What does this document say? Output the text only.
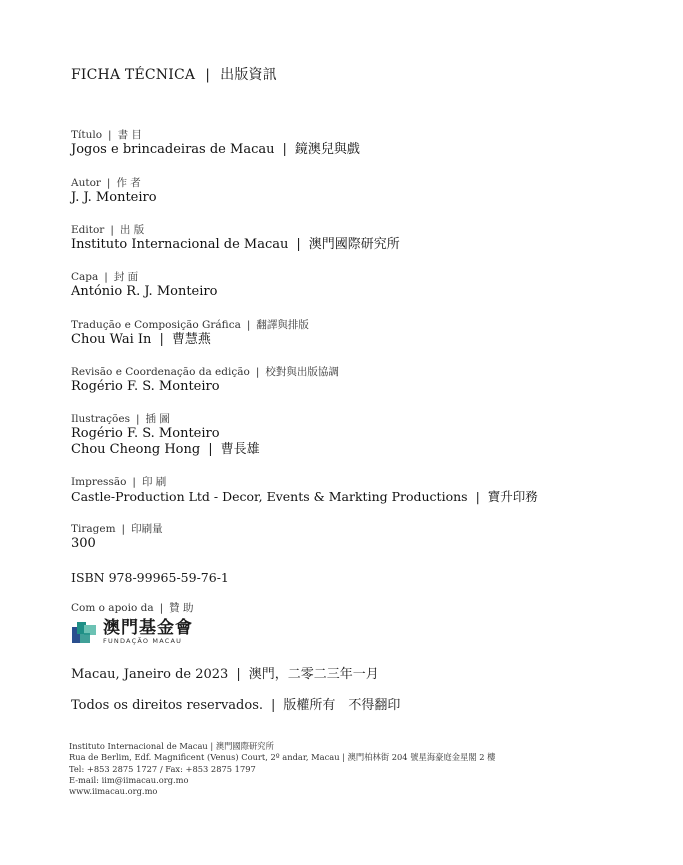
FICHA TÉCNICA | 出版資訊
Título | 書 目
Jogos e brincadeiras de Macau | 鏡澳兒與戲
Autor | 作 者
J. J. Monteiro
Editor | 出 版
Instituto Internacional de Macau | 澳門國際研究所
Capa | 封 面
António R. J. Monteiro
Tradução e Composição Gráfica | 翻譯與排版
Chou Wai In | 曹慧燕
Revisão e Coordenação da edição | 校對與出版協調
Rogério F. S. Monteiro
Ilustrações | 插 圖
Rogério F. S. Monteiro
Chou Cheong Hong | 曹長雄
Impressão | 印 刷
Castle-Production Ltd - Decor, Events & Markting Productions | 寶升印務
Tiragem | 印刷量
300
ISBN 978-99965-59-76-1
Com o apoio da | 贊 助
澳門基金會
FUNDAÇÃO MACAU
Macau, Janeiro de 2023 | 澳門，二零二三年一月
Todos os direitos reservados. | 版權所有　不得翻印
Instituto Internacional de Macau | 澳門國際研究所
Rua de Berlim, Edf. Magnificent (Venus) Court, 2º andar, Macau | 澳門柏林街 204 號星海豪庭金星閣 2 樓
Tel: +853 2875 1727 / Fax: +853 2875 1797
E-mail: iim@iimacau.org.mo
www.iimacau.org.mo
